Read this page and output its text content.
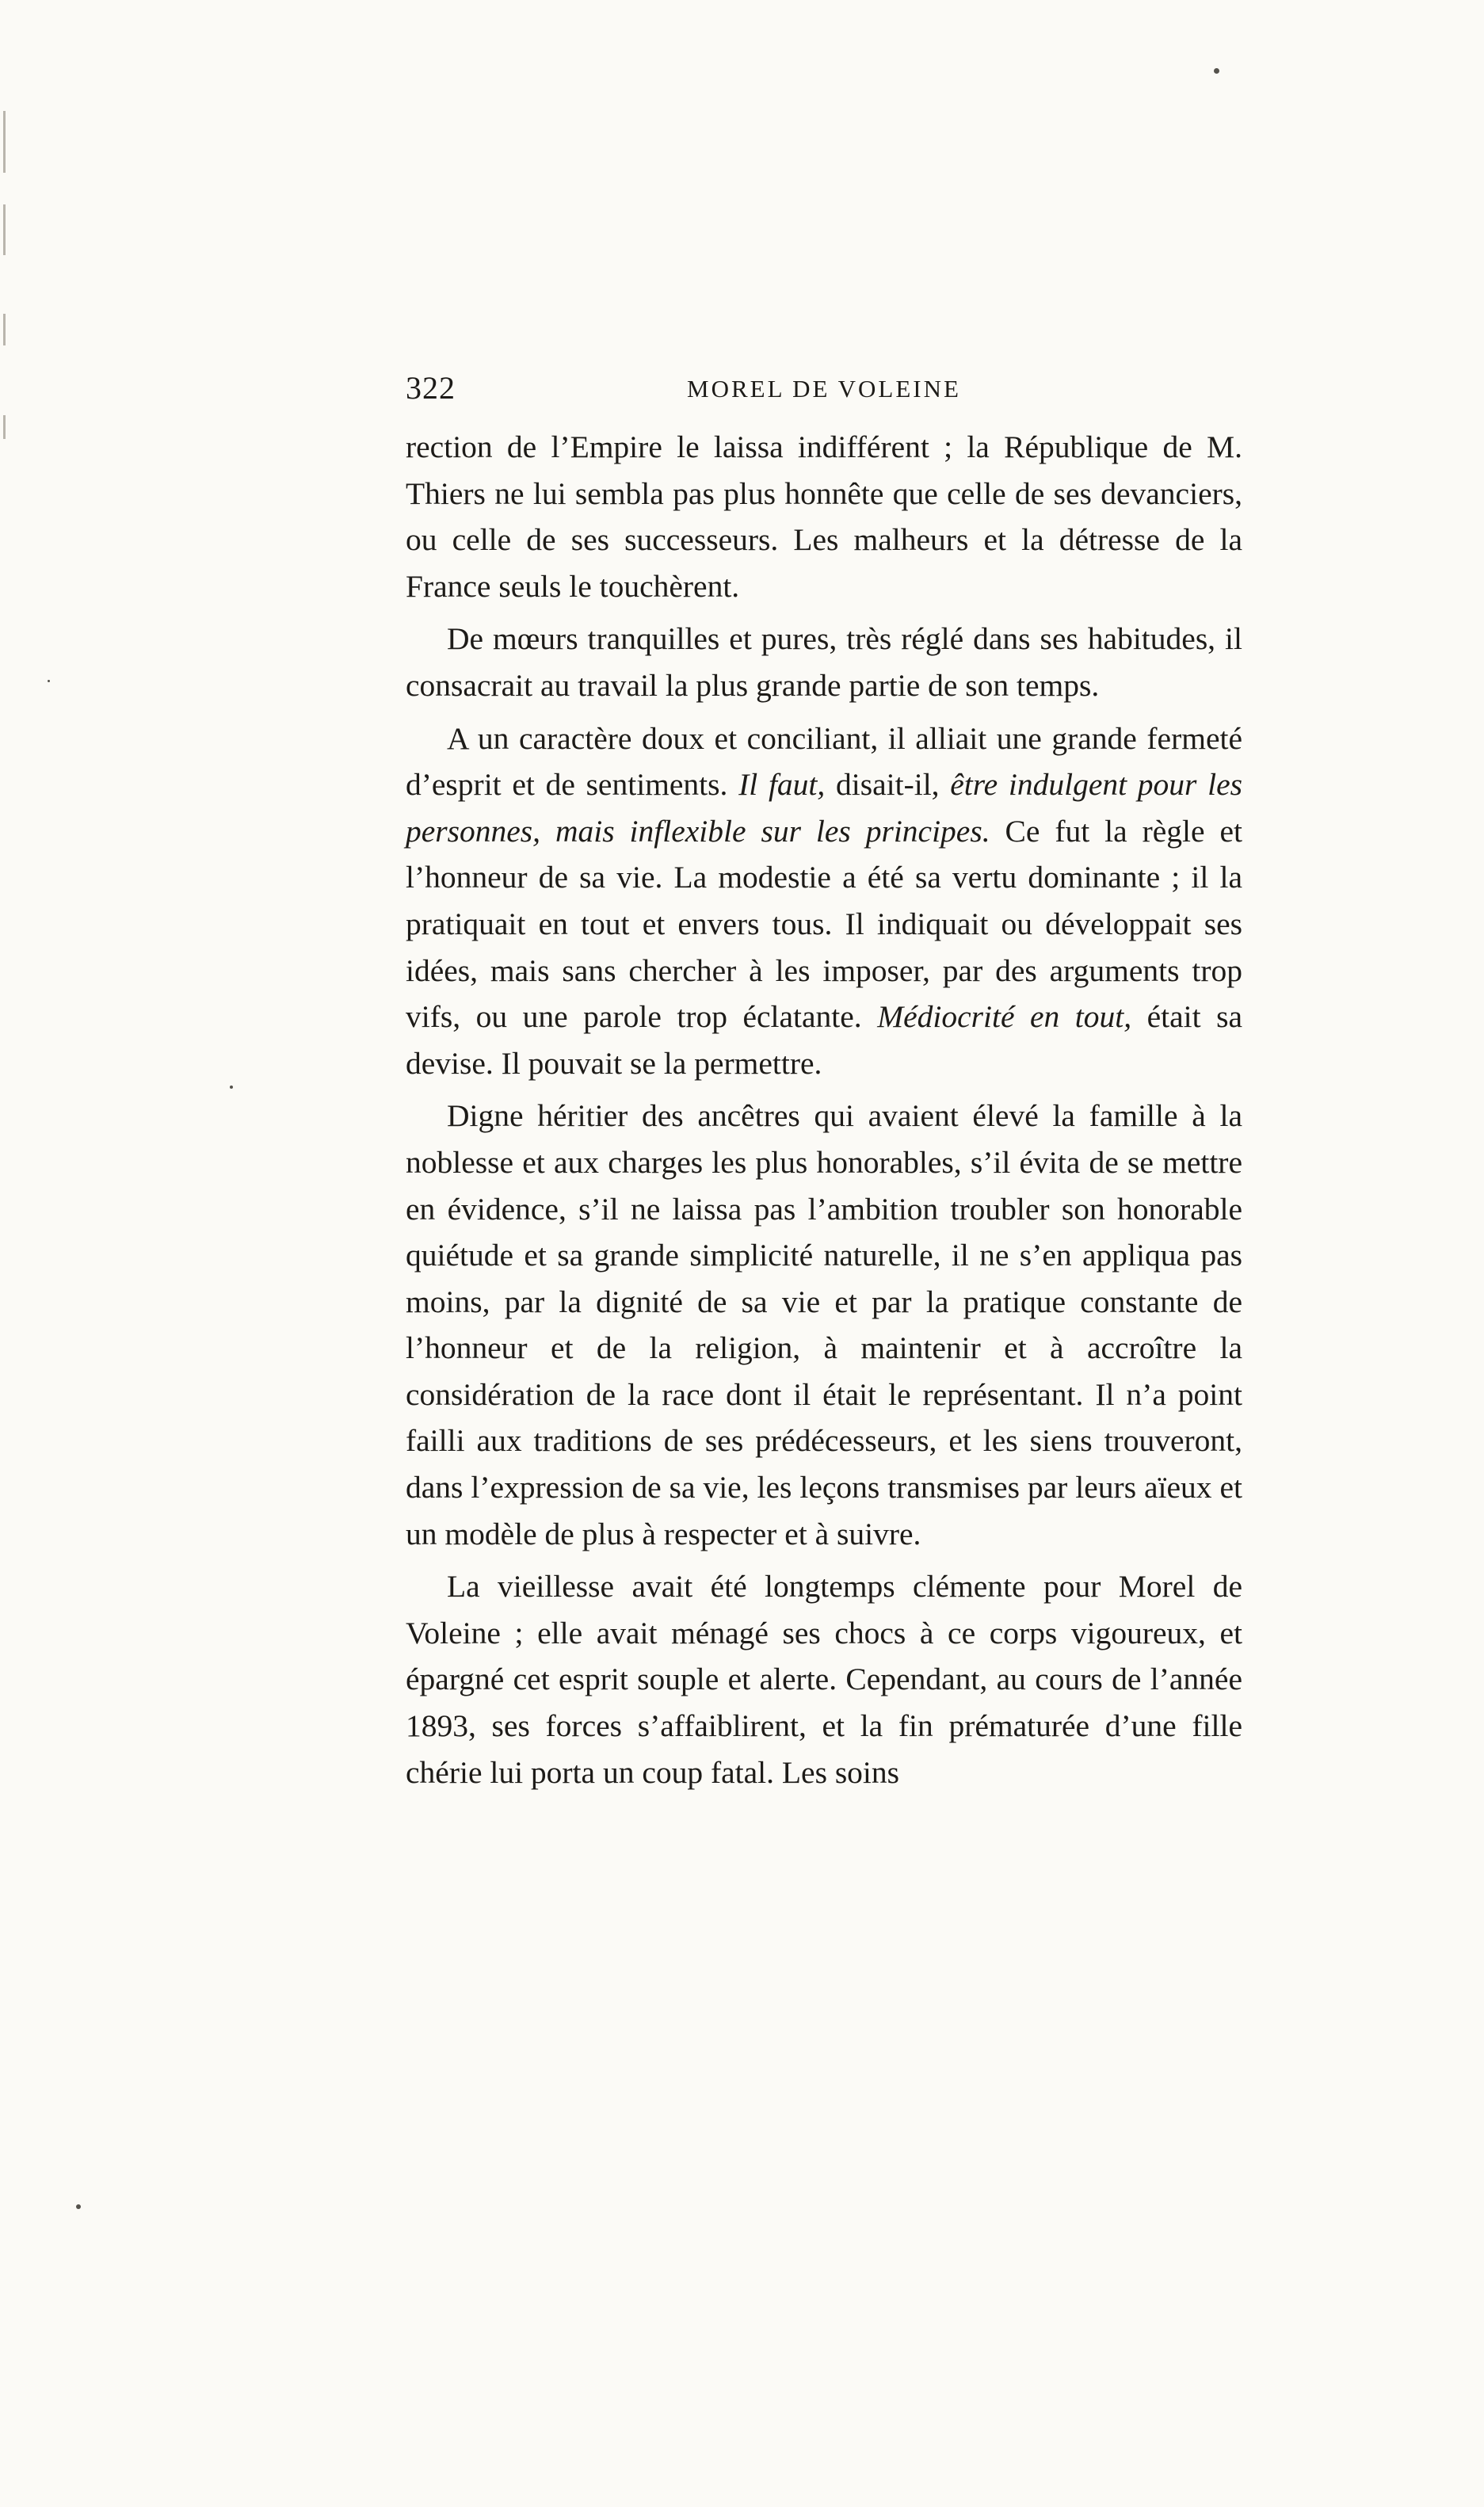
322	MOREL DE VOLEINE

rection de l’Empire le laissa indifférent ; la République de M. Thiers ne lui sembla pas plus honnête que celle de ses devanciers, ou celle de ses successeurs. Les malheurs et la détresse de la France seuls le touchèrent.

De mœurs tranquilles et pures, très réglé dans ses habitudes, il consacrait au travail la plus grande partie de son temps.

A un caractère doux et conciliant, il alliait une grande fermeté d’esprit et de sentiments. Il faut, disait-il, être indulgent pour les personnes, mais inflexible sur les principes. Ce fut la règle et l’honneur de sa vie. La modestie a été sa vertu dominante ; il la pratiquait en tout et envers tous. Il indiquait ou développait ses idées, mais sans chercher à les imposer, par des arguments trop vifs, ou une parole trop éclatante. Médiocrité en tout, était sa devise. Il pouvait se la permettre.

Digne héritier des ancêtres qui avaient élevé la famille à la noblesse et aux charges les plus honorables, s’il évita de se mettre en évidence, s’il ne laissa pas l’ambition troubler son honorable quiétude et sa grande simplicité naturelle, il ne s’en appliqua pas moins, par la dignité de sa vie et par la pratique constante de l’honneur et de la religion, à maintenir et à accroître la considération de la race dont il était le représentant. Il n’a point failli aux traditions de ses prédécesseurs, et les siens trouveront, dans l’expression de sa vie, les leçons transmises par leurs aïeux et un modèle de plus à respecter et à suivre.

La vieillesse avait été longtemps clémente pour Morel de Voleine ; elle avait ménagé ses chocs à ce corps vigoureux, et épargné cet esprit souple et alerte. Cependant, au cours de l’année 1893, ses forces s’affaiblirent, et la fin prématurée d’une fille chérie lui porta un coup fatal. Les soins
